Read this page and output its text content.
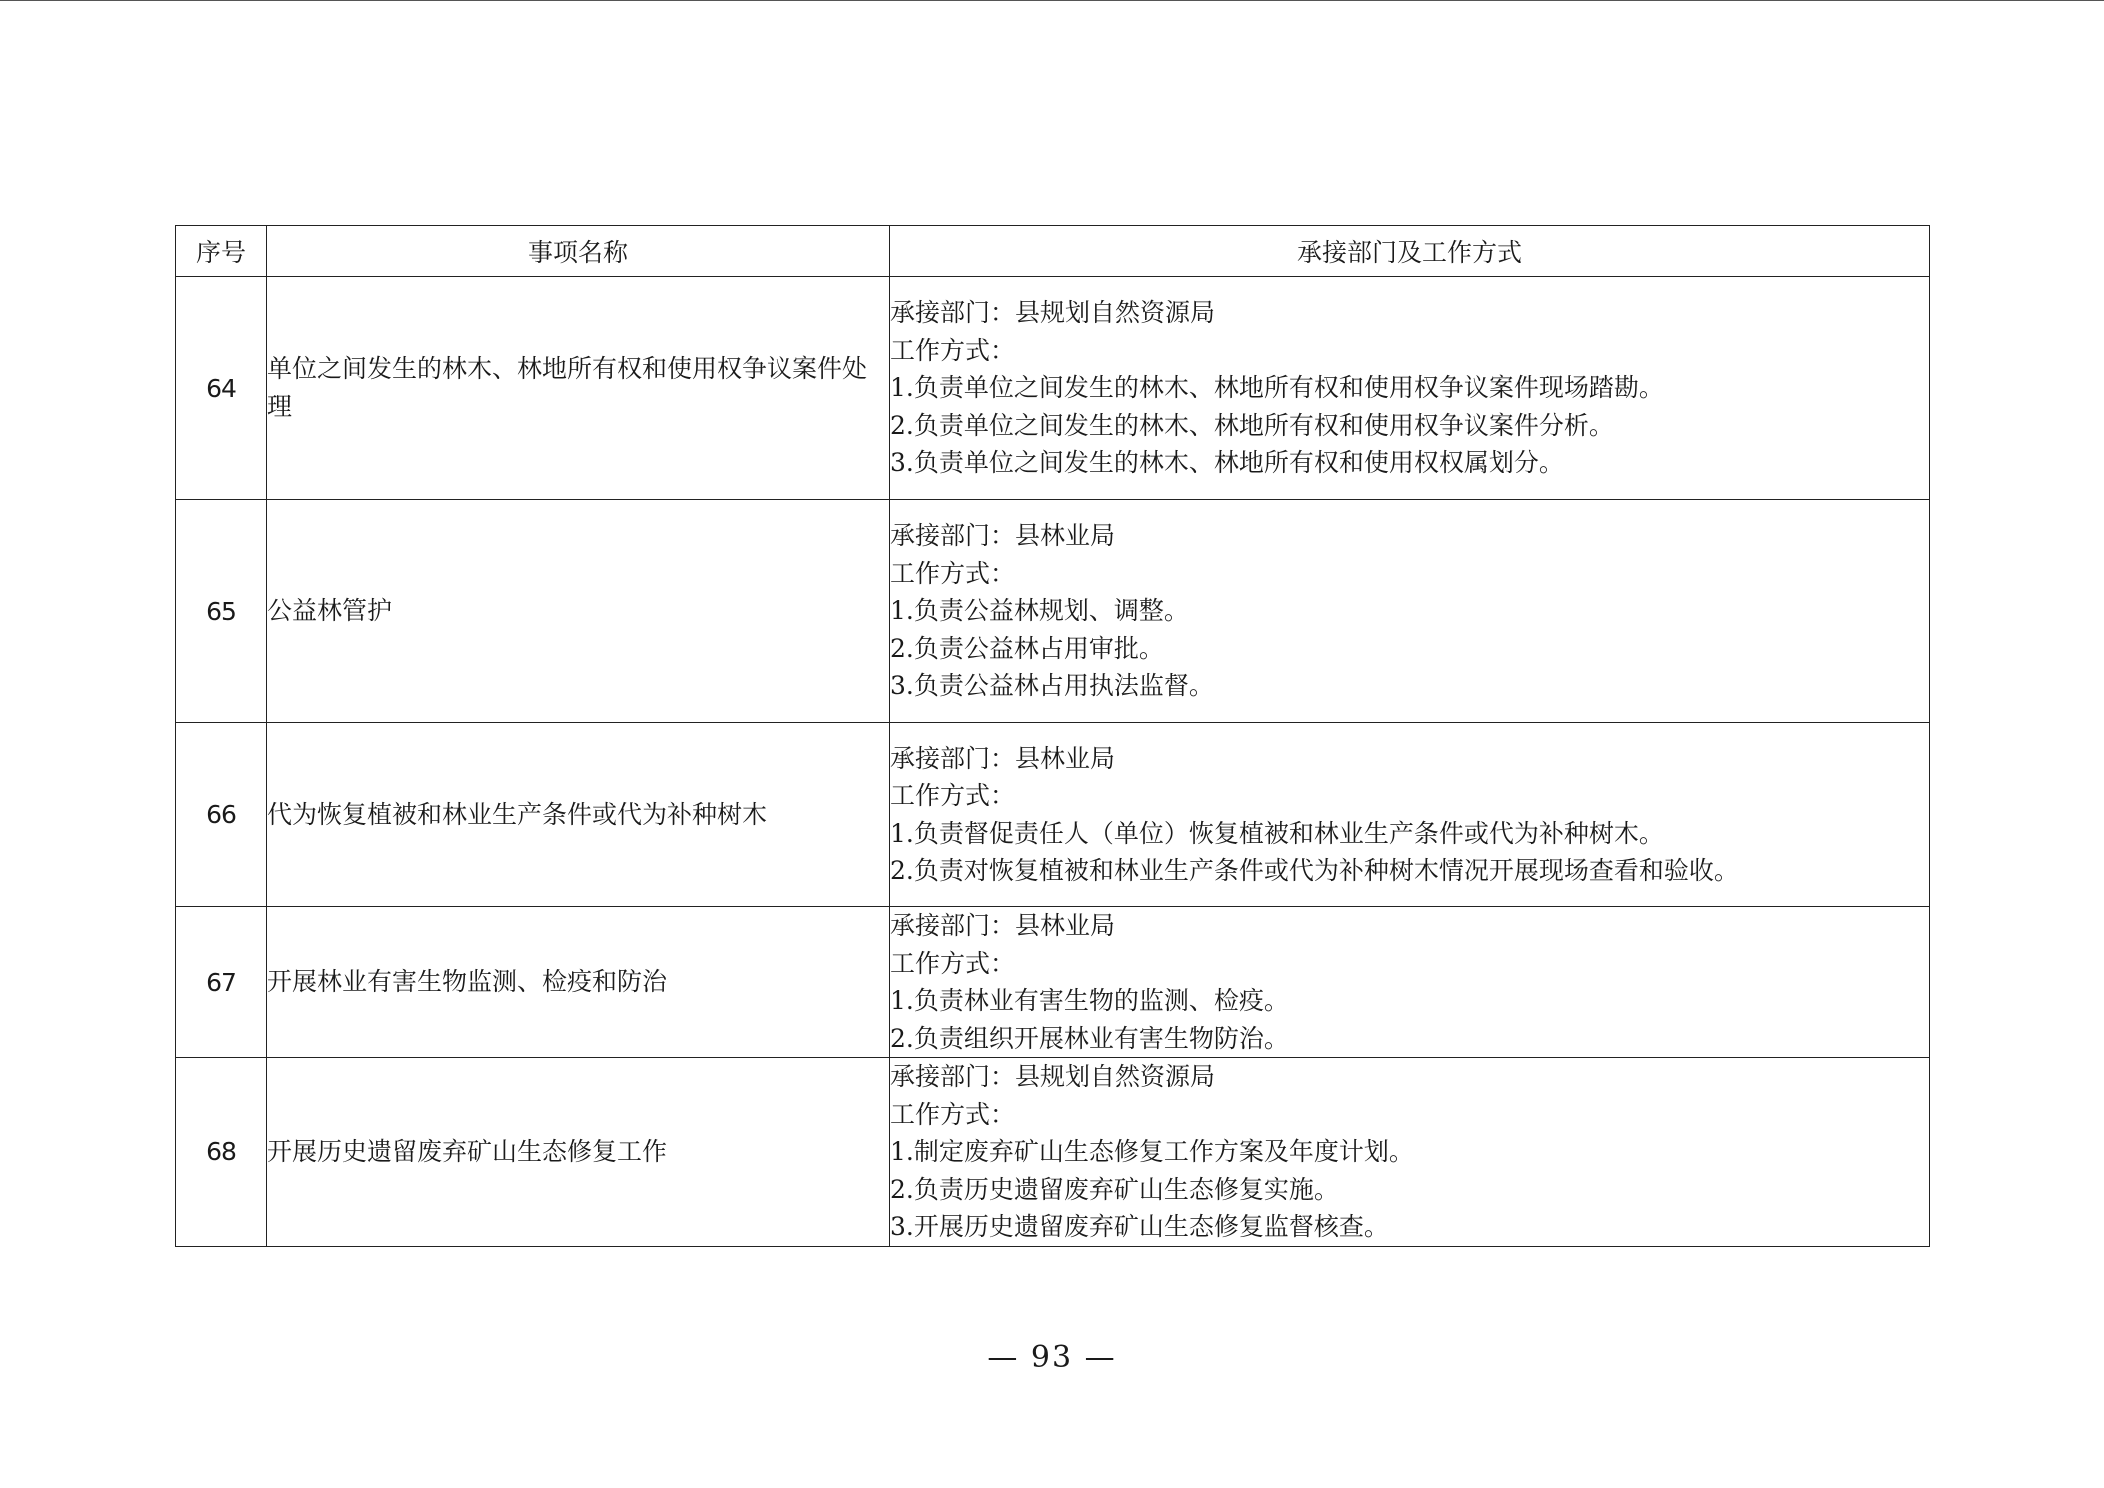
序号	事项名称	承接部门及工作方式
64	单位之间发生的林木、林地所有权和使用权争议案件处理	承接部门：县规划自然资源局
工作方式：
1.负责单位之间发生的林木、林地所有权和使用权争议案件现场踏勘。
2.负责单位之间发生的林木、林地所有权和使用权争议案件分析。
3.负责单位之间发生的林木、林地所有权和使用权权属划分。

65	公益林管护	承接部门：县林业局
工作方式：
1.负责公益林规划、调整。
2.负责公益林占用审批。
3.负责公益林占用执法监督。

66	代为恢复植被和林业生产条件或代为补种树木	承接部门：县林业局
工作方式：
1.负责督促责任人（单位）恢复植被和林业生产条件或代为补种树木。
2.负责对恢复植被和林业生产条件或代为补种树木情况开展现场查看和验收。

67	开展林业有害生物监测、检疫和防治	承接部门：县林业局
工作方式：
1.负责林业有害生物的监测、检疫。
2.负责组织开展林业有害生物防治。

68	开展历史遗留废弃矿山生态修复工作	承接部门：县规划自然资源局
工作方式：
1.制定废弃矿山生态修复工作方案及年度计划。
2.负责历史遗留废弃矿山生态修复实施。
3.开展历史遗留废弃矿山生态修复监督核查。
— 93 —
